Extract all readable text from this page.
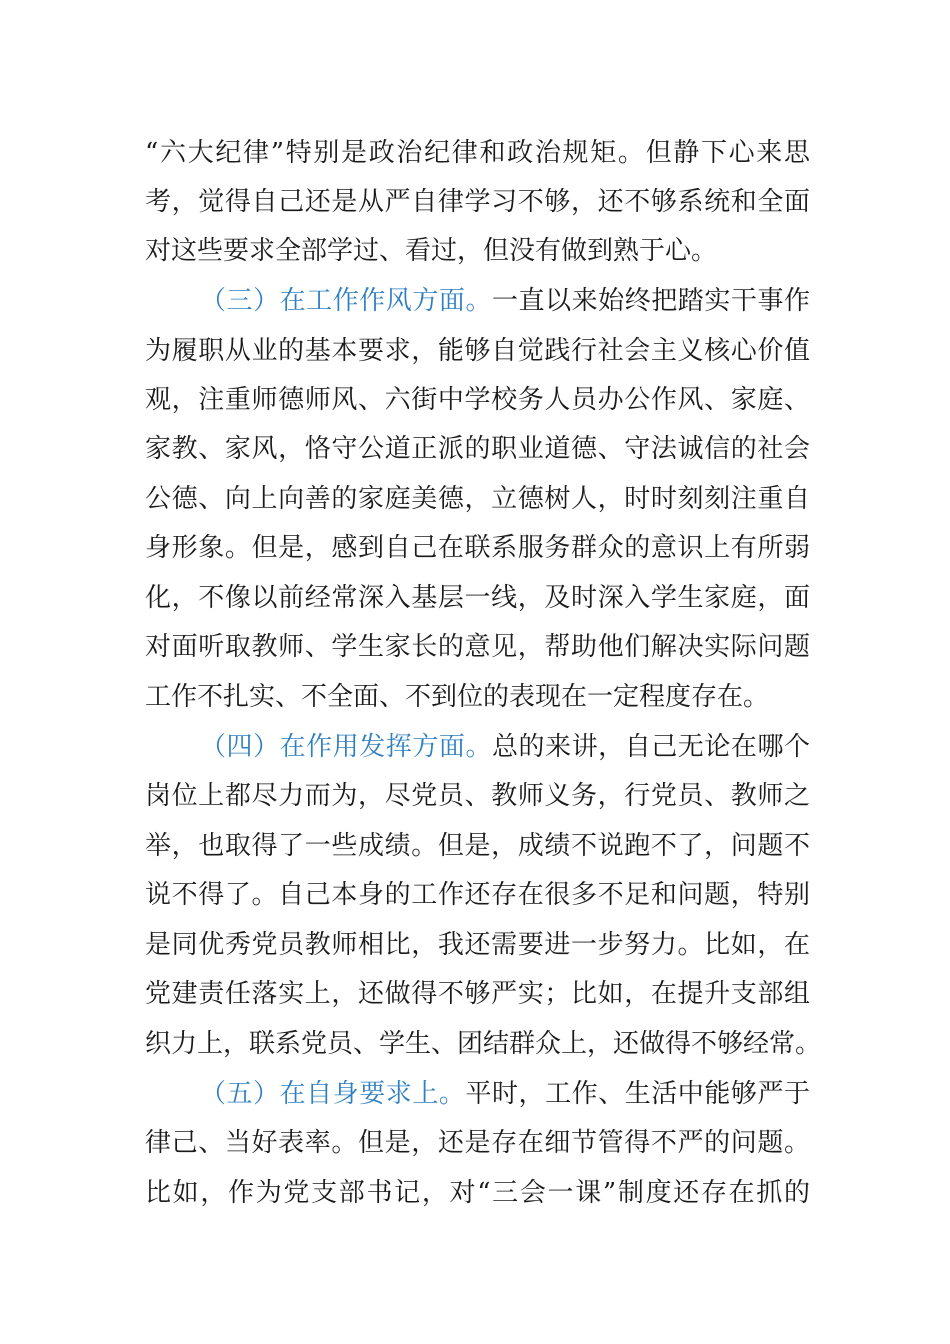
“六大纪律”特别是政治纪律和政治规矩。但静下心来思
考，觉得自己还是从严自律学习不够，还不够系统和全面
对这些要求全部学过、看过，但没有做到熟于心。
（三）在工作作风方面。一直以来始终把踏实干事作
为履职从业的基本要求，能够自觉践行社会主义核心价值
观，注重师德师风、六街中学校务人员办公作风、家庭、
家教、家风，恪守公道正派的职业道德、守法诚信的社会
公德、向上向善的家庭美德，立德树人，时时刻刻注重自
身形象。但是，感到自己在联系服务群众的意识上有所弱
化，不像以前经常深入基层一线，及时深入学生家庭，面
对面听取教师、学生家长的意见，帮助他们解决实际问题
工作不扎实、不全面、不到位的表现在一定程度存在。
（四）在作用发挥方面。总的来讲，自己无论在哪个
岗位上都尽力而为，尽党员、教师义务，行党员、教师之
举，也取得了一些成绩。但是，成绩不说跑不了，问题不
说不得了。自己本身的工作还存在很多不足和问题，特别
是同优秀党员教师相比，我还需要进一步努力。比如，在
党建责任落实上，还做得不够严实；比如，在提升支部组
织力上，联系党员、学生、团结群众上，还做得不够经常。
（五）在自身要求上。平时，工作、生活中能够严于
律己、当好表率。但是，还是存在细节管得不严的问题。
比如，作为党支部书记，对“三会一课”制度还存在抓的
